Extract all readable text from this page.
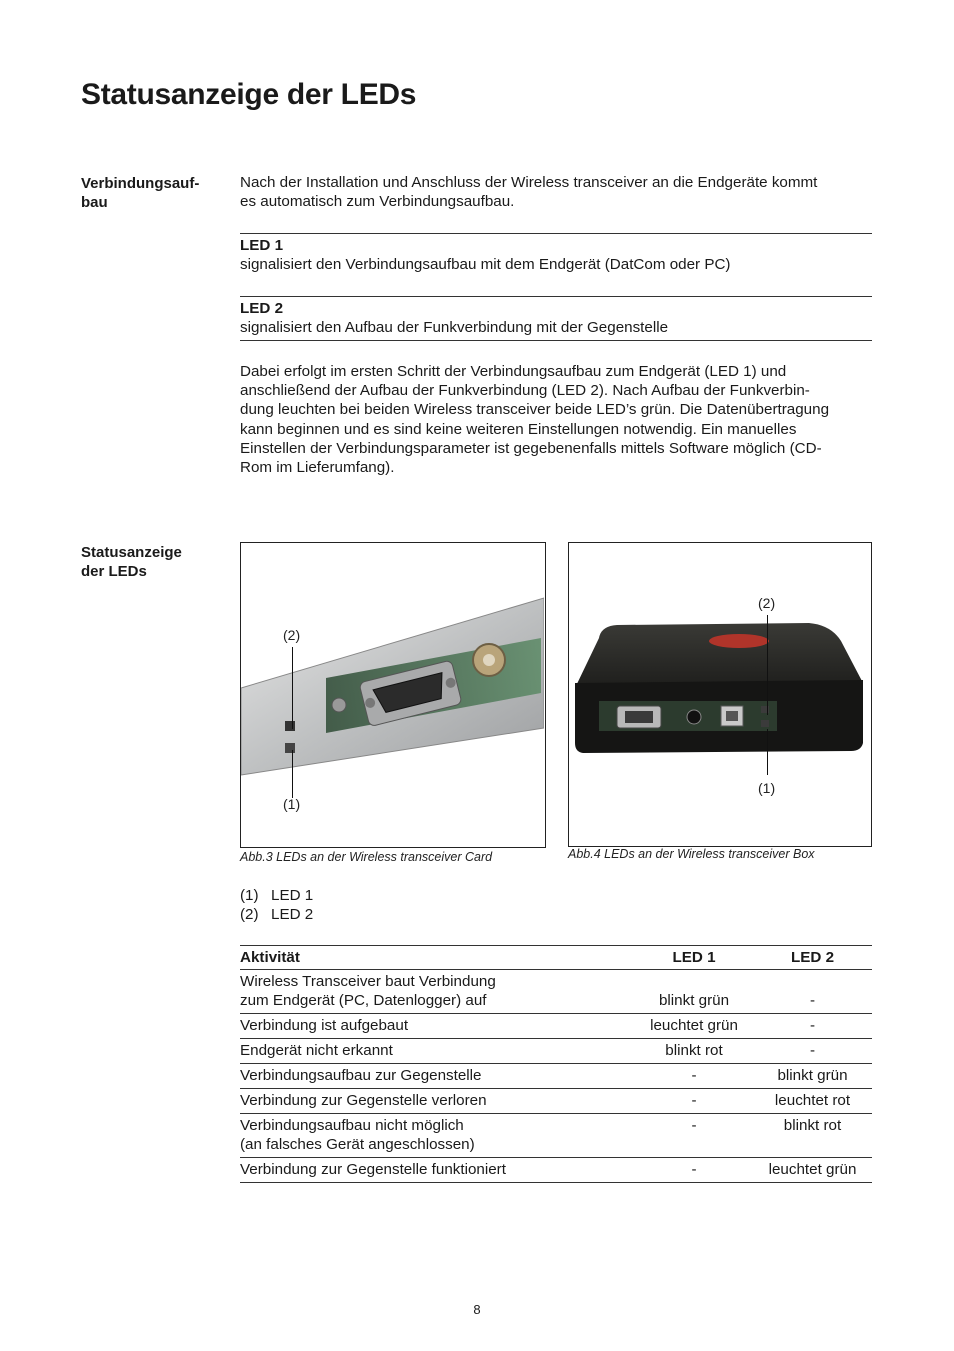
Statusanzeige der LEDs
Verbindungsauf-
bau
Nach der Installation und Anschluss der Wireless transceiver an die Endgeräte kommt
es automatisch zum Verbindungsaufbau.
LED 1
signalisiert den Verbindungsaufbau mit dem Endgerät (DatCom oder PC)
LED 2
signalisiert den Aufbau der Funkverbindung mit der Gegenstelle
Dabei erfolgt im ersten Schritt der Verbindungsaufbau zum Endgerät (LED 1) und
anschließend der Aufbau der Funkverbindung (LED 2). Nach Aufbau der Funkverbin-
dung leuchten bei beiden Wireless transceiver beide LED’s grün. Die Datenübertragung
kann beginnen und es sind keine weiteren Einstellungen notwendig. Ein manuelles
Einstellen der Verbindungsparameter ist gegebenenfalls mittels Software möglich (CD-
Rom im Lieferumfang).
Statusanzeige
der LEDs
(2)
(1)
Abb.3 LEDs an der Wireless transceiver Card
(2)
(1)
Abb.4 LEDs an der Wireless transceiver Box
(1) LED 1
(2) LED 2
Aktivität	LED 1	LED 2

Wireless Transceiver baut Verbindung
zum Endgerät (PC, Datenlogger) auf	blinkt grün	-
Verbindung ist aufgebaut	leuchtet grün	-
Endgerät nicht erkannt	blinkt rot	-
Verbindungsaufbau zur Gegenstelle	-	blinkt grün
Verbindung zur Gegenstelle verloren	-	leuchtet rot

Verbindungsaufbau nicht möglich
(an falsches Gerät angeschlossen)	-	blinkt rot
Verbindung zur Gegenstelle funktioniert	-	leuchtet grün
8
